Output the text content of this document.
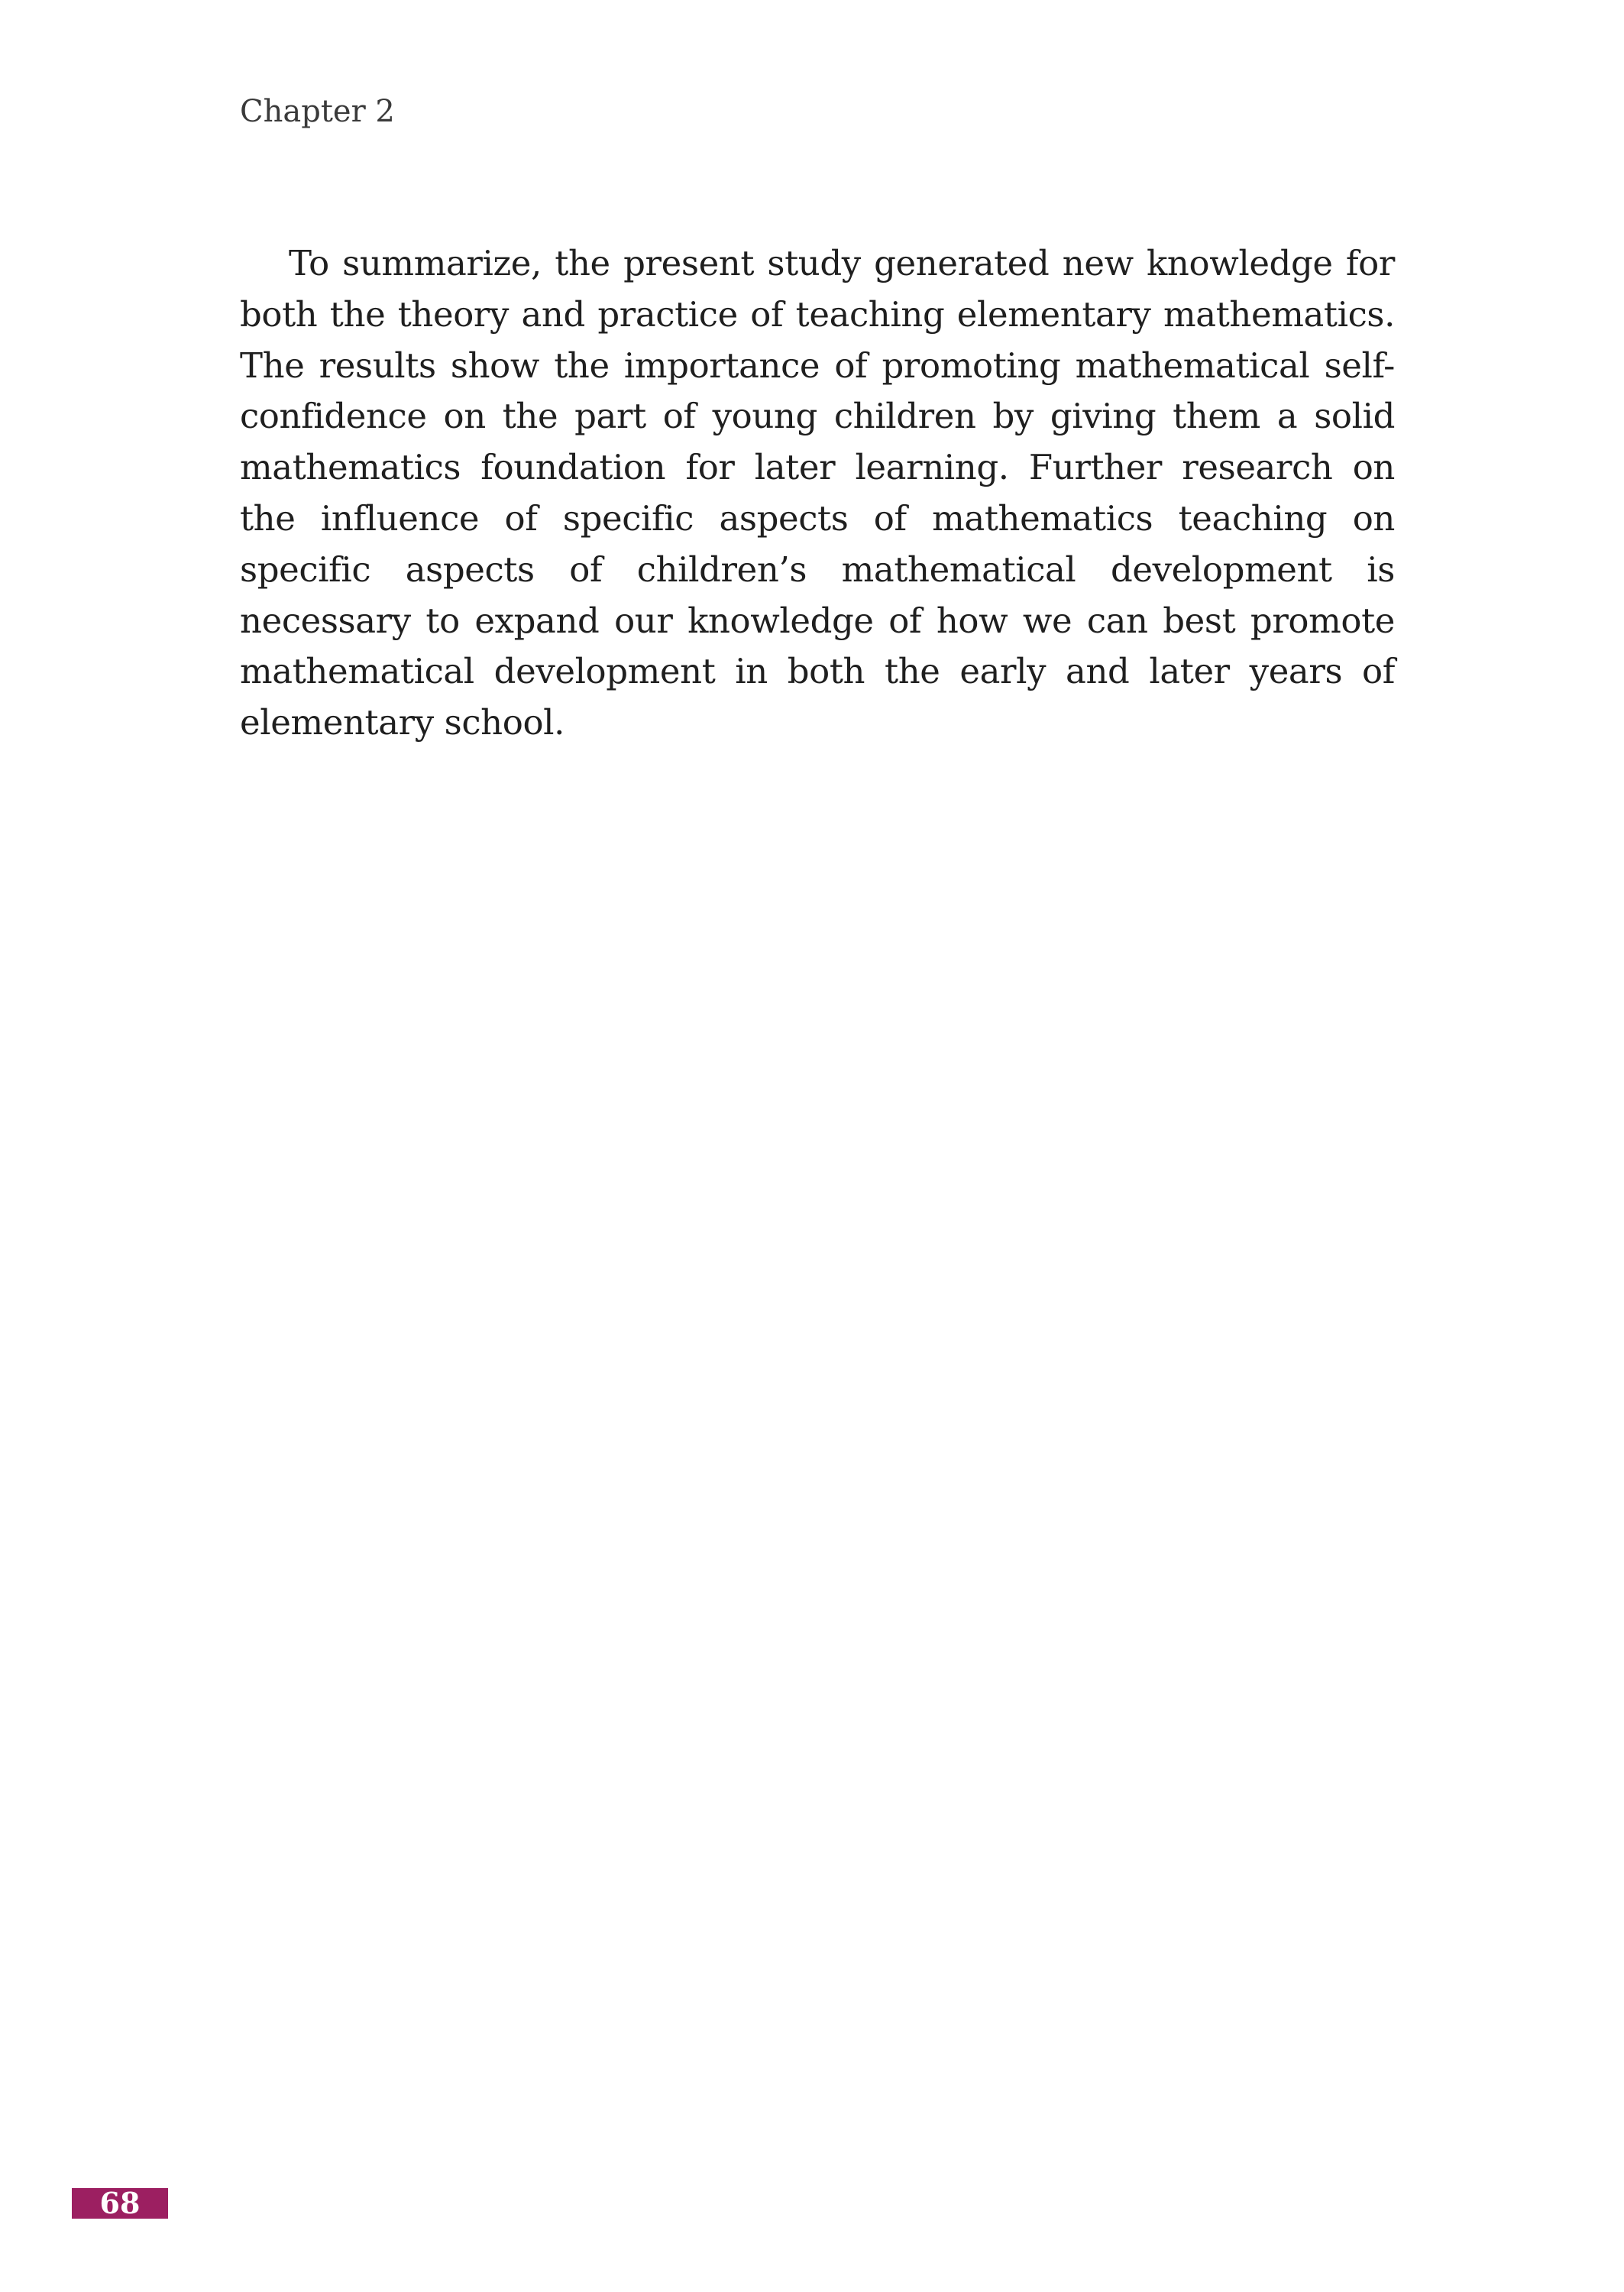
Chapter 2

To summarize, the present study generated new knowledge for both the theory and practice of teaching elementary mathematics. The results show the importance of promoting mathematical self-confidence on the part of young children by giving them a solid mathematics foundation for later learning. Further research on the influence of specific aspects of mathematics teaching on specific aspects of children’s mathematical development is necessary to expand our knowledge of how we can best promote mathematical development in both the early and later years of elementary school.

68
